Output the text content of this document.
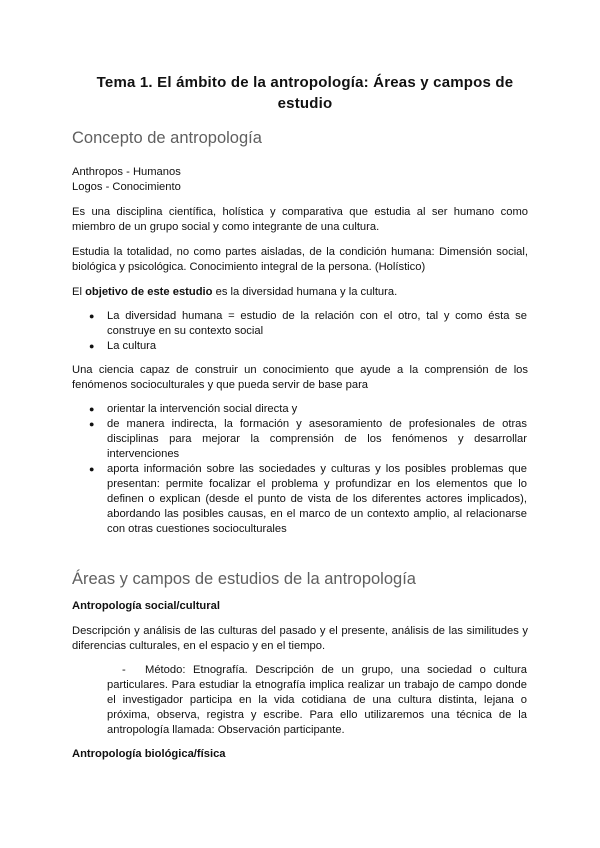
Tema 1. El ámbito de la antropología: Áreas y campos de estudio
Concepto de antropología
Anthropos - Humanos
Logos - Conocimiento
Es una disciplina científica, holística y comparativa que estudia al ser humano como miembro de un grupo social y como integrante de una cultura.
Estudia la totalidad, no como partes aisladas, de la condición humana: Dimensión social, biológica y psicológica. Conocimiento integral de la persona. (Holístico)
El objetivo de este estudio es la diversidad humana y la cultura.
● La diversidad humana = estudio de la relación con el otro, tal y como ésta se construye en su contexto social
● La cultura
Una ciencia capaz de construir un conocimiento que ayude a la comprensión de los fenómenos socioculturales y que pueda servir de base para
● orientar la intervención social directa y
● de manera indirecta, la formación y asesoramiento de profesionales de otras disciplinas para mejorar la comprensión de los fenómenos y desarrollar intervenciones
● aporta información sobre las sociedades y culturas y los posibles problemas que presentan: permite focalizar el problema y profundizar en los elementos que lo definen o explican (desde el punto de vista de los diferentes actores implicados), abordando las posibles causas, en el marco de un contexto amplio, al relacionarse con otras cuestiones socioculturales
Áreas y campos de estudios de la antropología
Antropología social/cultural
Descripción y análisis de las culturas del pasado y el presente, análisis de las similitudes y diferencias culturales, en el espacio y en el tiempo.
-	Método: Etnografía. Descripción de un grupo, una sociedad o cultura particulares. Para estudiar la etnografía implica realizar un trabajo de campo donde el investigador participa en la vida cotidiana de una cultura distinta, lejana o próxima, observa, registra y escribe. Para ello utilizaremos una técnica de la antropología llamada: Observación participante.
Antropología biológica/física
